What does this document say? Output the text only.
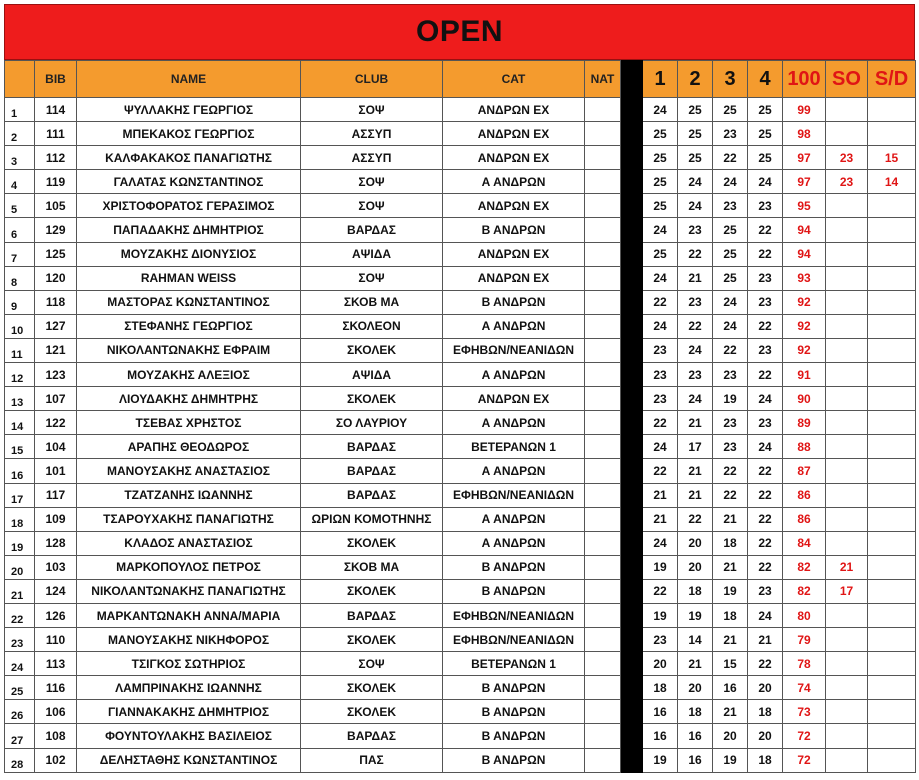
OPEN
	BIB	NAME	CLUB	CAT	NAT		1	2	3	4	100	SO	S/D
1	114	ΨΥΛΛΑΚΗΣ ΓΕΩΡΓΙΟΣ	ΣΟΨ	ΑΝΔΡΩΝ ΕΧ			24	25	25	25	99		
2	111	ΜΠΕΚΑΚΟΣ ΓΕΩΡΓΙΟΣ	ΑΣΣΥΠ	ΑΝΔΡΩΝ ΕΧ			25	25	23	25	98		
3	112	ΚΑΛΦΑΚΑΚΟΣ ΠΑΝΑΓΙΩΤΗΣ	ΑΣΣΥΠ	ΑΝΔΡΩΝ ΕΧ			25	25	22	25	97	23	15
4	119	ΓΑΛΑΤΑΣ ΚΩΝΣΤΑΝΤΙΝΟΣ	ΣΟΨ	Α ΑΝΔΡΩΝ			25	24	24	24	97	23	14
5	105	ΧΡΙΣΤΟΦΟΡΑΤΟΣ ΓΕΡΑΣΙΜΟΣ	ΣΟΨ	ΑΝΔΡΩΝ ΕΧ			25	24	23	23	95		
6	129	ΠΑΠΑΔΑΚΗΣ ΔΗΜΗΤΡΙΟΣ	ΒΑΡΔΑΣ	Β ΑΝΔΡΩΝ			24	23	25	22	94		
7	125	ΜΟΥΖΑΚΗΣ ΔΙΟΝΥΣΙΟΣ	ΑΨΙΔΑ	ΑΝΔΡΩΝ ΕΧ			25	22	25	22	94		
8	120	RAHMAN WEISS	ΣΟΨ	ΑΝΔΡΩΝ ΕΧ			24	21	25	23	93		
9	118	ΜΑΣΤΟΡΑΣ ΚΩΝΣΤΑΝΤΙΝΟΣ	ΣΚΟΒ ΜΑ	Β ΑΝΔΡΩΝ			22	23	24	23	92		
10	127	ΣΤΕΦΑΝΗΣ ΓΕΩΡΓΙΟΣ	ΣΚΟΛΕΟΝ	Α ΑΝΔΡΩΝ			24	22	24	22	92		
11	121	ΝΙΚΟΛΑΝΤΩΝΑΚΗΣ ΕΦΡΑΙΜ	ΣΚΟΛΕΚ	ΕΦΗΒΩΝ/ΝΕΑΝΙΔΩΝ			23	24	22	23	92		
12	123	ΜΟΥΖΑΚΗΣ ΑΛΕΞΙΟΣ	ΑΨΙΔΑ	Α ΑΝΔΡΩΝ			23	23	23	22	91		
13	107	ΛΙΟΥΔΑΚΗΣ ΔΗΜΗΤΡΗΣ	ΣΚΟΛΕΚ	ΑΝΔΡΩΝ ΕΧ			23	24	19	24	90		
14	122	ΤΣΕΒΑΣ ΧΡΗΣΤΟΣ	ΣΟ ΛΑΥΡΙΟΥ	Α ΑΝΔΡΩΝ			22	21	23	23	89		
15	104	ΑΡΑΠΗΣ ΘΕΟΔΩΡΟΣ	ΒΑΡΔΑΣ	ΒΕΤΕΡΑΝΩΝ 1			24	17	23	24	88		
16	101	ΜΑΝΟΥΣΑΚΗΣ ΑΝΑΣΤΑΣΙΟΣ	ΒΑΡΔΑΣ	Α ΑΝΔΡΩΝ			22	21	22	22	87		
17	117	ΤΖΑΤΖΑΝΗΣ ΙΩΑΝΝΗΣ	ΒΑΡΔΑΣ	ΕΦΗΒΩΝ/ΝΕΑΝΙΔΩΝ			21	21	22	22	86		
18	109	ΤΣΑΡΟΥΧΑΚΗΣ ΠΑΝΑΓΙΩΤΗΣ	ΩΡΙΩΝ ΚΟΜΟΤΗΝΗΣ	Α ΑΝΔΡΩΝ			21	22	21	22	86		
19	128	ΚΛΑΔΟΣ ΑΝΑΣΤΑΣΙΟΣ	ΣΚΟΛΕΚ	Α ΑΝΔΡΩΝ			24	20	18	22	84		
20	103	ΜΑΡΚΟΠΟΥΛΟΣ ΠΕΤΡΟΣ	ΣΚΟΒ ΜΑ	Β ΑΝΔΡΩΝ			19	20	21	22	82	21	
21	124	ΝΙΚΟΛΑΝΤΩΝΑΚΗΣ ΠΑΝΑΓΙΩΤΗΣ	ΣΚΟΛΕΚ	Β ΑΝΔΡΩΝ			22	18	19	23	82	17	
22	126	ΜΑΡΚΑΝΤΩΝΑΚΗ ΑΝΝΑ/ΜΑΡΙΑ	ΒΑΡΔΑΣ	ΕΦΗΒΩΝ/ΝΕΑΝΙΔΩΝ			19	19	18	24	80		
23	110	ΜΑΝΟΥΣΑΚΗΣ ΝΙΚΗΦΟΡΟΣ	ΣΚΟΛΕΚ	ΕΦΗΒΩΝ/ΝΕΑΝΙΔΩΝ			23	14	21	21	79		
24	113	ΤΣΙΓΚΟΣ ΣΩΤΗΡΙΟΣ	ΣΟΨ	ΒΕΤΕΡΑΝΩΝ 1			20	21	15	22	78		
25	116	ΛΑΜΠΡΙΝΑΚΗΣ ΙΩΑΝΝΗΣ	ΣΚΟΛΕΚ	Β ΑΝΔΡΩΝ			18	20	16	20	74		
26	106	ΓΙΑΝΝΑΚΑΚΗΣ ΔΗΜΗΤΡΙΟΣ	ΣΚΟΛΕΚ	Β ΑΝΔΡΩΝ			16	18	21	18	73		
27	108	ΦΟΥΝΤΟΥΛΑΚΗΣ ΒΑΣΙΛΕΙΟΣ	ΒΑΡΔΑΣ	Β ΑΝΔΡΩΝ			16	16	20	20	72		
28	102	ΔΕΛΗΣΤΑΘΗΣ ΚΩΝΣΤΑΝΤΙΝΟΣ	ΠΑΣ	Β ΑΝΔΡΩΝ			19	16	19	18	72		
